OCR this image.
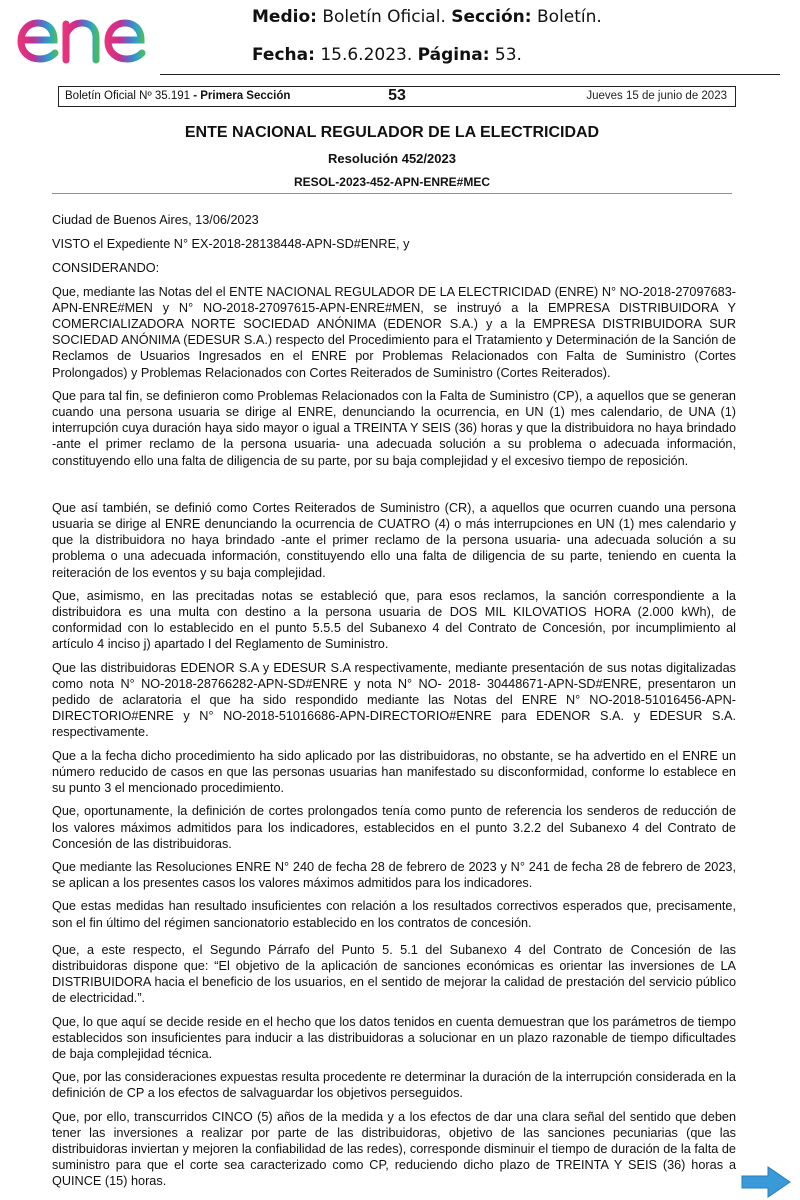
Medio: Boletín Oficial. Sección: Boletín.
Fecha: 15.6.2023. Página: 53.
Boletín Oficial Nº 35.191 - Primera Sección	53	Jueves 15 de junio de 2023
ENTE NACIONAL REGULADOR DE LA ELECTRICIDAD
Resolución 452/2023
RESOL-2023-452-APN-ENRE#MEC

Ciudad de Buenos Aires, 13/06/2023

VISTO el Expediente N° EX-2018-28138448-APN-SD#ENRE, y

CONSIDERANDO:

Que, mediante las Notas del el ENTE NACIONAL REGULADOR DE LA ELECTRICIDAD (ENRE) N° NO-2018-27097683-APN-ENRE#MEN y N° NO-2018-27097615-APN-ENRE#MEN, se instruyó a la EMPRESA DISTRIBUIDORA Y COMERCIALIZADORA NORTE SOCIEDAD ANÓNIMA (EDENOR S.A.) y a la EMPRESA DISTRIBUIDORA SUR SOCIEDAD ANÓNIMA (EDESUR S.A.) respecto del Procedimiento para el Tratamiento y Determinación de la Sanción de Reclamos de Usuarios Ingresados en el ENRE por Problemas Relacionados con Falta de Suministro (Cortes Prolongados) y Problemas Relacionados con Cortes Reiterados de Suministro (Cortes Reiterados).

Que para tal fin, se definieron como Problemas Relacionados con la Falta de Suministro (CP), a aquellos que se generan cuando una persona usuaria se dirige al ENRE, denunciando la ocurrencia, en UN (1) mes calendario, de UNA (1) interrupción cuya duración haya sido mayor o igual a TREINTA Y SEIS (36) horas y que la distribuidora no haya brindado -ante el primer reclamo de la persona usuaria- una adecuada solución a su problema o adecuada información, constituyendo ello una falta de diligencia de su parte, por su baja complejidad y el excesivo tiempo de reposición.

Que así también, se definió como Cortes Reiterados de Suministro (CR), a aquellos que ocurren cuando una persona usuaria se dirige al ENRE denunciando la ocurrencia de CUATRO (4) o más interrupciones en UN (1) mes calendario y que la distribuidora no haya brindado -ante el primer reclamo de la persona usuaria- una adecuada solución a su problema o una adecuada información, constituyendo ello una falta de diligencia de su parte, teniendo en cuenta la reiteración de los eventos y su baja complejidad.

Que, asimismo, en las precitadas notas se estableció que, para esos reclamos, la sanción correspondiente a la distribuidora es una multa con destino a la persona usuaria de DOS MIL KILOVATIOS HORA (2.000 kWh), de conformidad con lo establecido en el punto 5.5.5 del Subanexo 4 del Contrato de Concesión, por incumplimiento al artículo 4 inciso j) apartado I del Reglamento de Suministro.

Que las distribuidoras EDENOR S.A y EDESUR S.A respectivamente, mediante presentación de sus notas digitalizadas como nota N° NO-2018-28766282-APN-SD#ENRE y nota N° NO- 2018- 30448671-APN-SD#ENRE, presentaron un pedido de aclaratoria el que ha sido respondido mediante las Notas del ENRE N° NO-2018-51016456-APN-DIRECTORIO#ENRE y N° NO-2018-51016686-APN-DIRECTORIO#ENRE para EDENOR S.A. y EDESUR S.A. respectivamente.

Que a la fecha dicho procedimiento ha sido aplicado por las distribuidoras, no obstante, se ha advertido en el ENRE un número reducido de casos en que las personas usuarias han manifestado su disconformidad, conforme lo establece en su punto 3 el mencionado procedimiento.

Que, oportunamente, la definición de cortes prolongados tenía como punto de referencia los senderos de reducción de los valores máximos admitidos para los indicadores, establecidos en el punto 3.2.2 del Subanexo 4 del Contrato de Concesión de las distribuidoras.

Que mediante las Resoluciones ENRE N° 240 de fecha 28 de febrero de 2023 y N° 241 de fecha 28 de febrero de 2023, se aplican a los presentes casos los valores máximos admitidos para los indicadores.

Que estas medidas han resultado insuficientes con relación a los resultados correctivos esperados que, precisamente, son el fin último del régimen sancionatorio establecido en los contratos de concesión.

Que, a este respecto, el Segundo Párrafo del Punto 5. 5.1 del Subanexo 4 del Contrato de Concesión de las distribuidoras dispone que: “El objetivo de la aplicación de sanciones económicas es orientar las inversiones de LA DISTRIBUIDORA hacia el beneficio de los usuarios, en el sentido de mejorar la calidad de prestación del servicio público de electricidad.”.

Que, lo que aquí se decide reside en el hecho que los datos tenidos en cuenta demuestran que los parámetros de tiempo establecidos son insuficientes para inducir a las distribuidoras a solucionar en un plazo razonable de tiempo dificultades de baja complejidad técnica.

Que, por las consideraciones expuestas resulta procedente re determinar la duración de la interrupción considerada en la definición de CP a los efectos de salvaguardar los objetivos perseguidos.

Que, por ello, transcurridos CINCO (5) años de la medida y a los efectos de dar una clara señal del sentido que deben tener las inversiones a realizar por parte de las distribuidoras, objetivo de las sanciones pecuniarias (que las distribuidoras inviertan y mejoren la confiabilidad de las redes), corresponde disminuir el tiempo de duración de la falta de suministro para que el corte sea caracterizado como CP, reduciendo dicho plazo de TREINTA Y SEIS (36) horas a QUINCE (15) horas.
